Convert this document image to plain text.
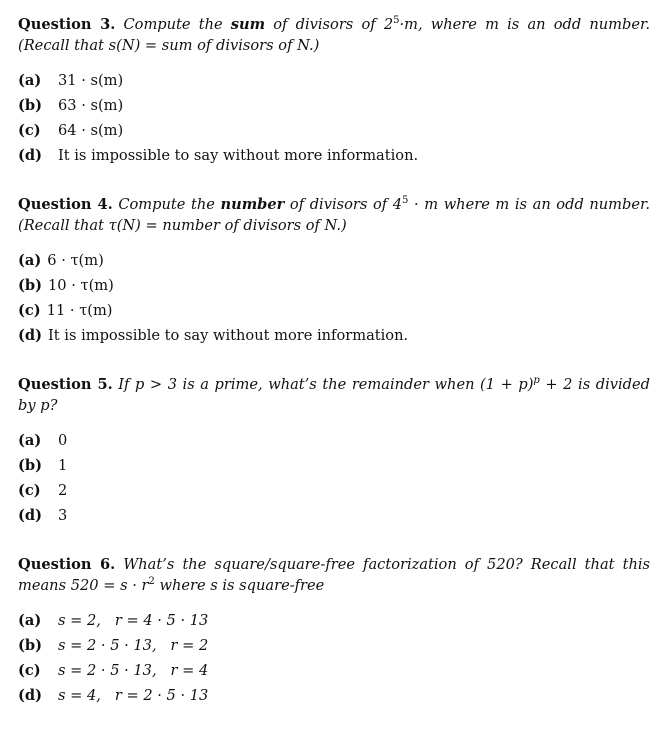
Question 3. Compute the sum of divisors of $2^5\cdot m$, where m is an odd number. (Recall that s(N) = sum of divisors of N.)

(a)	31 · s(m)
(b)	63 · s(m)
(c)	64 · s(m)
(d)	It is impossible to say without more information.

Question 4. Compute the number of divisors of $4^5 \cdot m$ where m is an odd number. (Recall that τ(N) = number of divisors of N.)

(a) 6 · τ(m)
(b) 10 · τ(m)
(c) 11 · τ(m)
(d) It is impossible to say without more information.

Question 5. If p > 3 is a prime, what’s the remainder when $(1 + p)^p + 2$ is divided by p?

(a)	0
(b)	1
(c)	2
(d)	3

Question 6. What’s the square/square-free factorization of 520? Recall that this means $520 = s \cdot r^2$ where s is square-free

(a)	s = 2,   r = 4 · 5 · 13
(b)	s = 2 · 5 · 13,   r = 2
(c)	s = 2 · 5 · 13,   r = 4
(d)	s = 4,   r = 2 · 5 · 13
